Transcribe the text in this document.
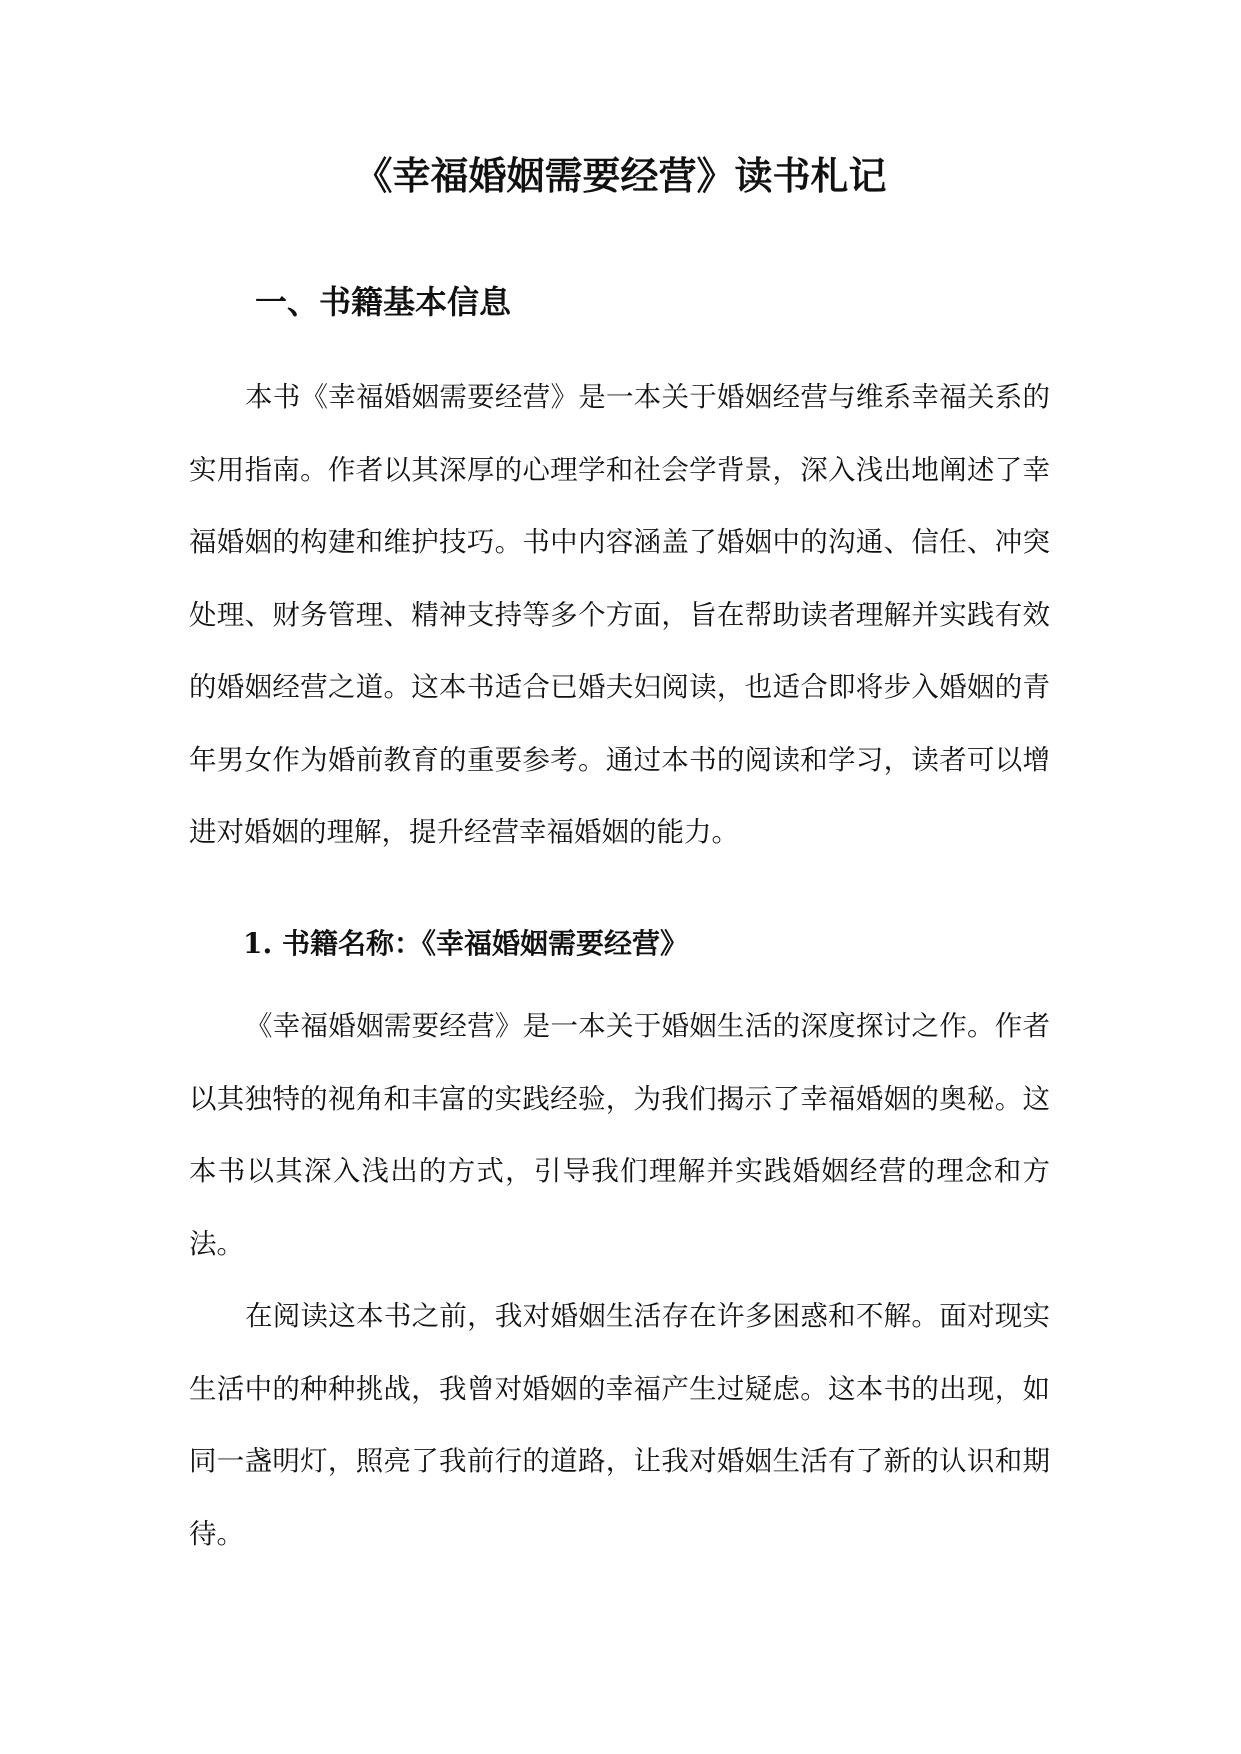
《幸福婚姻需要经营》读书札记
一、书籍基本信息

本书《幸福婚姻需要经营》是一本关于婚姻经营与维系幸福关系的实用指南。作者以其深厚的心理学和社会学背景，深入浅出地阐述了幸福婚姻的构建和维护技巧。书中内容涵盖了婚姻中的沟通、信任、冲突处理、财务管理、精神支持等多个方面，旨在帮助读者理解并实践有效的婚姻经营之道。这本书适合已婚夫妇阅读，也适合即将步入婚姻的青年男女作为婚前教育的重要参考。通过本书的阅读和学习，读者可以增进对婚姻的理解，提升经营幸福婚姻的能力。

1. 书籍名称：《幸福婚姻需要经营》

《幸福婚姻需要经营》是一本关于婚姻生活的深度探讨之作。作者以其独特的视角和丰富的实践经验，为我们揭示了幸福婚姻的奥秘。这本书以其深入浅出的方式，引导我们理解并实践婚姻经营的理念和方法。

在阅读这本书之前，我对婚姻生活存在许多困惑和不解。面对现实生活中的种种挑战，我曾对婚姻的幸福产生过疑虑。这本书的出现，如同一盏明灯，照亮了我前行的道路，让我对婚姻生活有了新的认识和期待。
